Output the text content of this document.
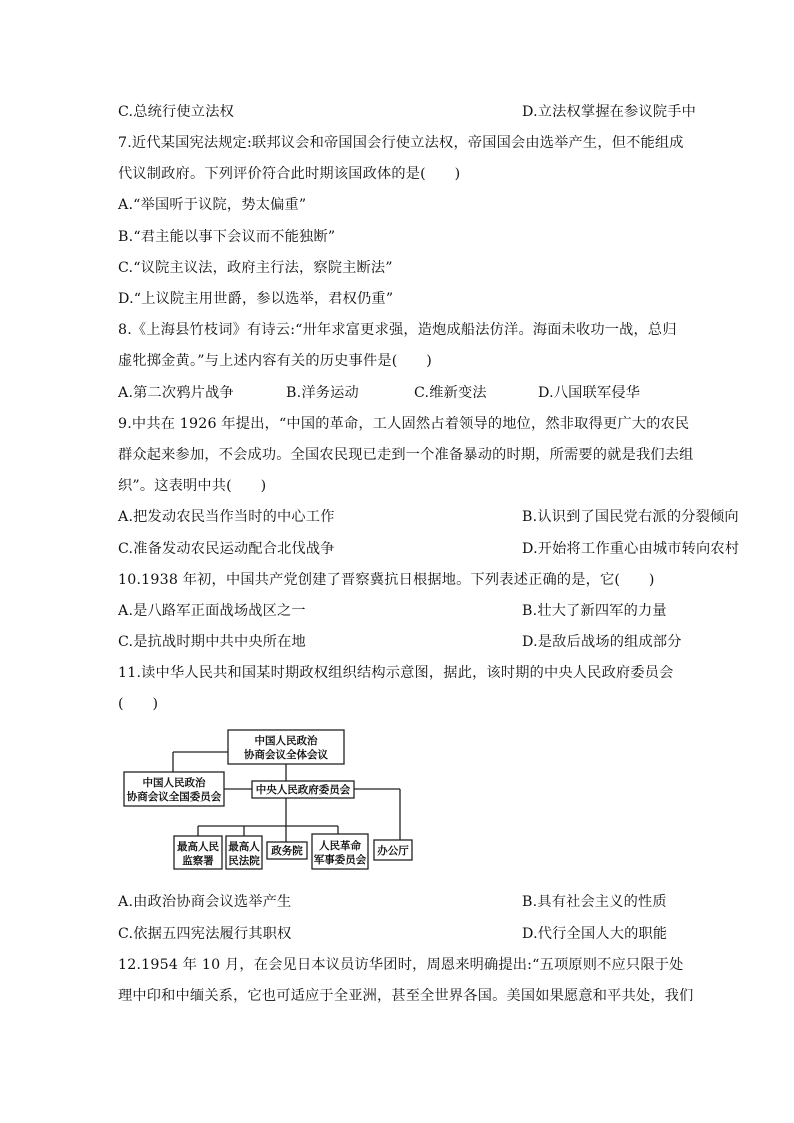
C.总统行使立法权	D.立法权掌握在参议院手中
7.近代某国宪法规定:联邦议会和帝国国会行使立法权，帝国国会由选举产生，但不能组成
代议制政府。下列评价符合此时期该国政体的是(　　)
A.“举国听于议院，势太偏重”
B.“君主能以事下会议而不能独断”
C.“议院主议法，政府主行法，察院主断法”
D.“上议院主用世爵，参以选举，君权仍重”
8.《上海县竹枝词》有诗云:“卅年求富更求强，造炮成船法仿洋。海面未收功一战，总归
虚牝掷金黄。”与上述内容有关的历史事件是(　　)
A.第二次鸦片战争	B.洋务运动	C.维新变法	D.八国联军侵华
9.中共在 1926 年提出，“中国的革命，工人固然占着领导的地位，然非取得更广大的农民
群众起来参加，不会成功。全国农民现已走到一个准备暴动的时期，所需要的就是我们去组
织”。这表明中共(　　)
A.把发动农民当作当时的中心工作	B.认识到了国民党右派的分裂倾向
C.准备发动农民运动配合北伐战争	D.开始将工作重心由城市转向农村
10.1938 年初，中国共产党创建了晋察冀抗日根据地。下列表述正确的是，它(　　)
A.是八路军正面战场战区之一	B.壮大了新四军的力量
C.是抗战时期中共中央所在地	D.是敌后战场的组成部分
11.读中华人民共和国某时期政权组织结构示意图，据此，该时期的中央人民政府委员会
(　　)
中国人民政治
协商会议全体会议
中国人民政治
协商会议全国委员会
中央人民政府委员会
最高人民
监察署
最高人
民法院
政务院 人民革命
军事委员会
办公厅
A.由政治协商会议选举产生	B.具有社会主义的性质
C.依据五四宪法履行其职权	D.代行全国人大的职能
12.1954 年 10 月，在会见日本议员访华团时，周恩来明确提出:“五项原则不应只限于处
理中印和中缅关系，它也可适应于全亚洲，甚至全世界各国。美国如果愿意和平共处，我们
